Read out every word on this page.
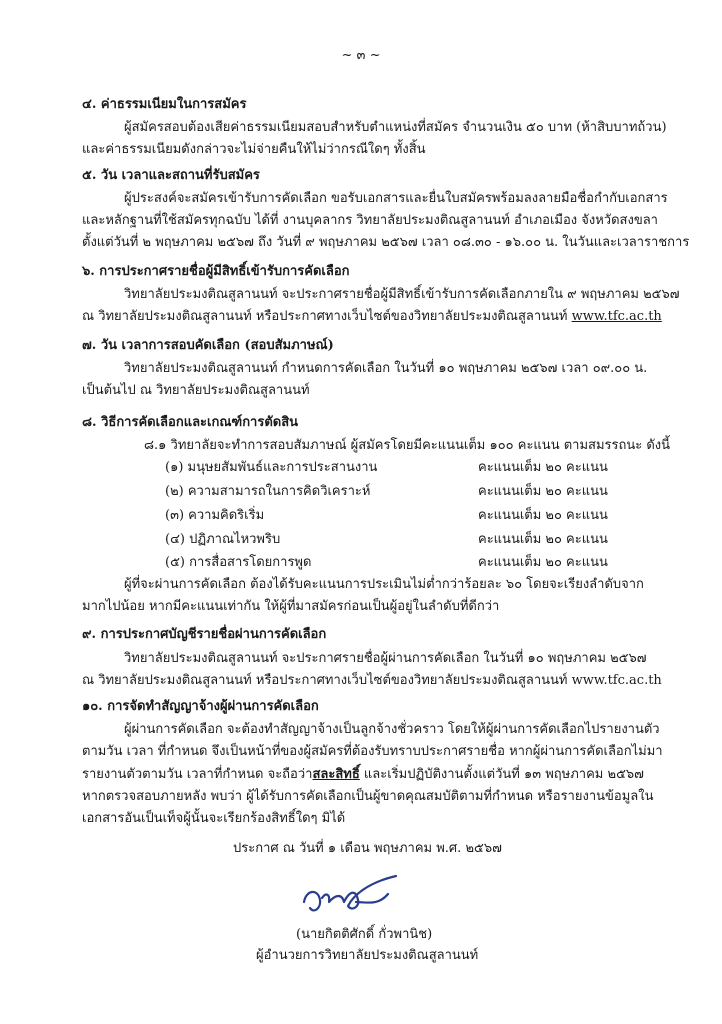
~ ๓ ~
๔. ค่าธรรมเนียมในการสมัคร
ผู้สมัครสอบต้องเสียค่าธรรมเนียมสอบสำหรับตำแหน่งที่สมัคร จำนวนเงิน ๕๐ บาท (ห้าสิบบาทถ้วน)
และค่าธรรมเนียมดังกล่าวจะไม่จ่ายคืนให้ไม่ว่ากรณีใดๆ ทั้งสิ้น
๕. วัน เวลาและสถานที่รับสมัคร
ผู้ประสงค์จะสมัครเข้ารับการคัดเลือก ขอรับเอกสารและยื่นใบสมัครพร้อมลงลายมือชื่อกำกับเอกสาร
และหลักฐานที่ใช้สมัครทุกฉบับ ได้ที่ งานบุคลากร วิทยาลัยประมงติณสูลานนท์ อำเภอเมือง จังหวัดสงขลา
ตั้งแต่วันที่ ๒ พฤษภาคม ๒๕๖๗ ถึง วันที่ ๙ พฤษภาคม ๒๕๖๗ เวลา ๐๘.๓๐ - ๑๖.๐๐ น. ในวันและเวลาราชการ
๖. การประกาศรายชื่อผู้มีสิทธิ์เข้ารับการคัดเลือก
วิทยาลัยประมงติณสูลานนท์ จะประกาศรายชื่อผู้มีสิทธิ์เข้ารับการคัดเลือกภายใน ๙ พฤษภาคม ๒๕๖๗
ณ วิทยาลัยประมงติณสูลานนท์ หรือประกาศทางเว็บไซต์ของวิทยาลัยประมงติณสูลานนท์ www.tfc.ac.th
๗. วัน เวลาการสอบคัดเลือก (สอบสัมภาษณ์)
วิทยาลัยประมงติณสูลานนท์ กำหนดการคัดเลือก ในวันที่ ๑๐ พฤษภาคม ๒๕๖๗ เวลา ๐๙.๐๐ น.
เป็นต้นไป ณ วิทยาลัยประมงติณสูลานนท์
๘. วิธีการคัดเลือกและเกณฑ์การตัดสิน
๘.๑ วิทยาลัยจะทำการสอบสัมภาษณ์ ผู้สมัครโดยมีคะแนนเต็ม ๑๐๐ คะแนน ตามสมรรถนะ ดังนี้
(๑) มนุษยสัมพันธ์และการประสานงาน	คะแนนเต็ม ๒๐ คะแนน
(๒) ความสามารถในการคิดวิเคราะห์	คะแนนเต็ม ๒๐ คะแนน
(๓) ความคิดริเริ่ม	คะแนนเต็ม ๒๐ คะแนน
(๔) ปฏิภาณไหวพริบ	คะแนนเต็ม ๒๐ คะแนน
(๕) การสื่อสารโดยการพูด	คะแนนเต็ม ๒๐ คะแนน
ผู้ที่จะผ่านการคัดเลือก ต้องได้รับคะแนนการประเมินไม่ต่ำกว่าร้อยละ ๖๐ โดยจะเรียงลำดับจาก
มากไปน้อย หากมีคะแนนเท่ากัน ให้ผู้ที่มาสมัครก่อนเป็นผู้อยู่ในลำดับที่ดีกว่า
๙. การประกาศบัญชีรายชื่อผ่านการคัดเลือก
วิทยาลัยประมงติณสูลานนท์ จะประกาศรายชื่อผู้ผ่านการคัดเลือก ในวันที่ ๑๐ พฤษภาคม ๒๕๖๗
ณ วิทยาลัยประมงติณสูลานนท์ หรือประกาศทางเว็บไซต์ของวิทยาลัยประมงติณสูลานนท์ www.tfc.ac.th
๑๐. การจัดทำสัญญาจ้างผู้ผ่านการคัดเลือก
ผู้ผ่านการคัดเลือก จะต้องทำสัญญาจ้างเป็นลูกจ้างชั่วคราว โดยให้ผู้ผ่านการคัดเลือกไปรายงานตัว
ตามวัน เวลา ที่กำหนด จึงเป็นหน้าที่ของผู้สมัครที่ต้องรับทราบประกาศรายชื่อ หากผู้ผ่านการคัดเลือกไม่มา
รายงานตัวตามวัน เวลาที่กำหนด จะถือว่าสละสิทธิ์ และเริ่มปฏิบัติงานตั้งแต่วันที่ ๑๓ พฤษภาคม ๒๕๖๗
หากตรวจสอบภายหลัง พบว่า ผู้ได้รับการคัดเลือกเป็นผู้ขาดคุณสมบัติตามที่กำหนด หรือรายงานข้อมูลใน
เอกสารอันเป็นเท็จผู้นั้นจะเรียกร้องสิทธิ์ใดๆ มิได้
ประกาศ ณ วันที่ ๑ เดือน พฤษภาคม พ.ศ. ๒๕๖๗
(นายกิตติศักดิ์ กั่วพานิช)
ผู้อำนวยการวิทยาลัยประมงติณสูลานนท์
